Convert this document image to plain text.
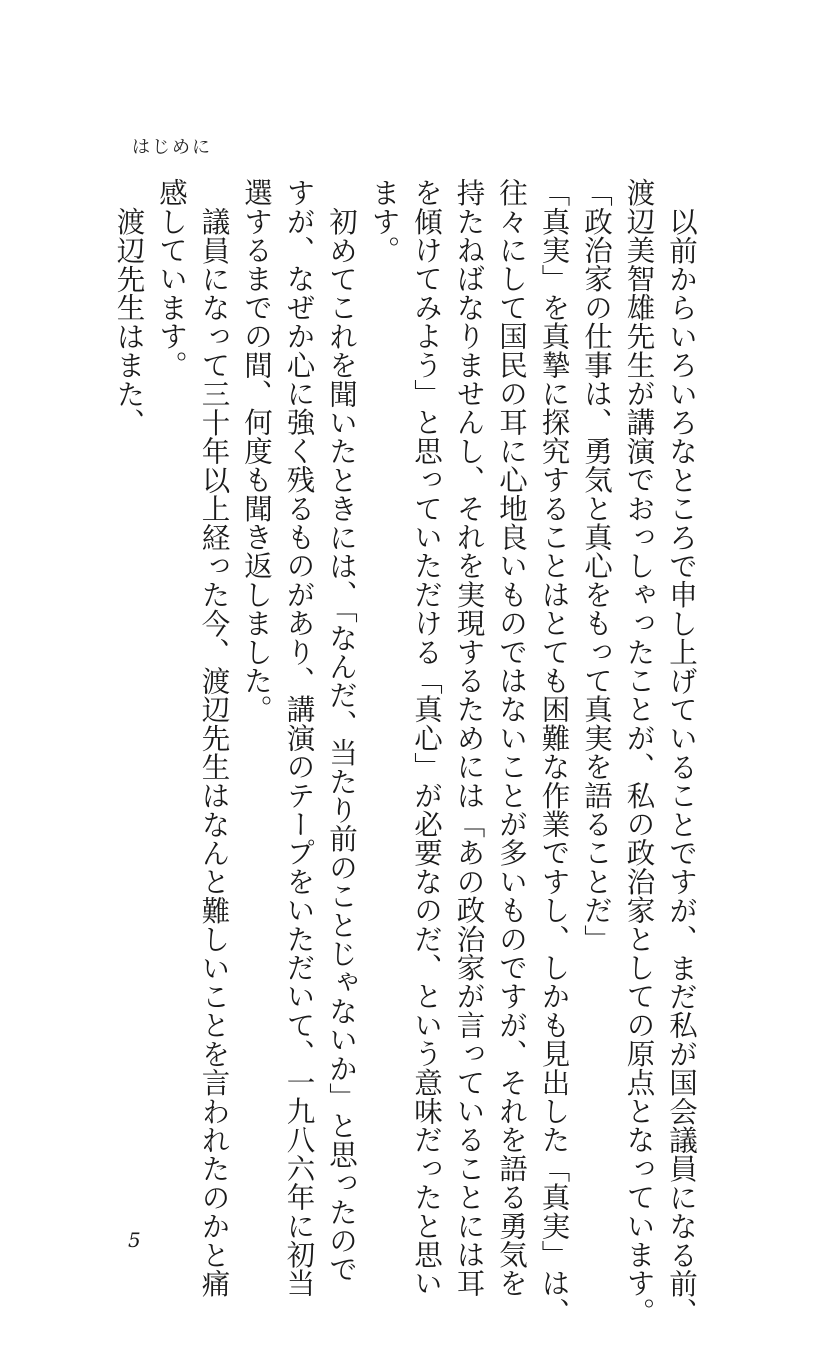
はじめに

以前からいろいろなところで申し上げていることですが、まだ私が国会議員になる前、

渡辺美智雄先生が講演でおっしゃったことが、私の政治家としての原点となっています。

「政治家の仕事は、勇気と真心をもって真実を語ることだ」

「真実」を真摯に探究することはとても困難な作業ですし、しかも見出した「真実」は、

往々にして国民の耳に心地良いものではないことが多いものですが、それを語る勇気を

持たねばなりませんし、それを実現するためには「あの政治家が言っていることには耳

を傾けてみよう」と思っていただける「真心」が必要なのだ、という意味だったと思い

ます。

初めてこれを聞いたときには、「なんだ、当たり前のことじゃないか」と思ったので

すが、なぜか心に強く残るものがあり、講演のテープをいただいて、一九八六年に初当

選するまでの間、何度も聞き返しました。

議員になって三十年以上経った今、渡辺先生はなんと難しいことを言われたのかと痛

感しています。

渡辺先生はまた、

5
